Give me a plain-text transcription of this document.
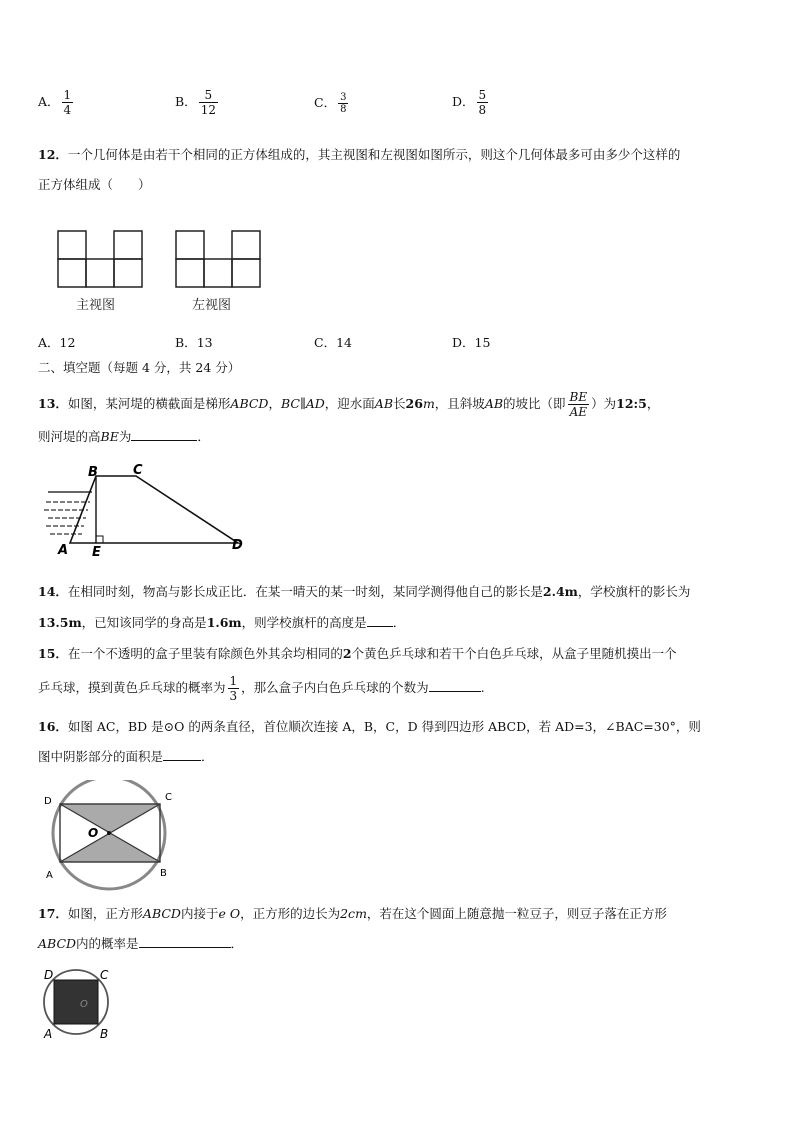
A． $\frac{1}{4}$	B． $\frac{5}{12}$	C． $\frac{3}{8}$	D． $\frac{5}{8}$
12．一个几何体是由若干个相同的正方体组成的，其主视图和左视图如图所示，则这个几何体最多可由多少个这样的
正方体组成（　　）
主视图	左视图
A．12	B．13	C．14	D．15
二、填空题（每题 4 分，共 24 分）
13．如图，某河堤的横截面是梯形ABCD，BC∥AD，迎水面AB长26m，且斜坡AB的坡比（即 $\frac{BE}{AE}$ ）为12:5，
则河堤的高BE为	．
B	C
A E	D
14．在相同时刻，物高与影长成正比．在某一晴天的某一时刻，某同学测得他自己的影长是2.4m，学校旗杆的影长为
13.5m，已知该同学的身高是1.6m，则学校旗杆的高度是 ．
15．在一个不透明的盒子里装有除颜色外其余均相同的2个黄色乒乓球和若干个白色乒乓球，从盒子里随机摸出一个
乒乓球，摸到黄色乒乓球的概率为 $\frac{1}{3}$ ，那么盒子内白色乒乓球的个数为	.
16．如图 AC，BD 是⊙O 的两条直径，首位顺次连接 A，B，C，D 得到四边形 ABCD，若 AD=3，∠BAC=30°，则
图中阴影部分的面积是	．
D	C
O
A	B
17．如图，正方形ABCD内接于e O，正方形的边长为2cm，若在这个圆面上随意抛一粒豆子，则豆子落在正方形
ABCD内的概率是	．
O
D	C
A	B
